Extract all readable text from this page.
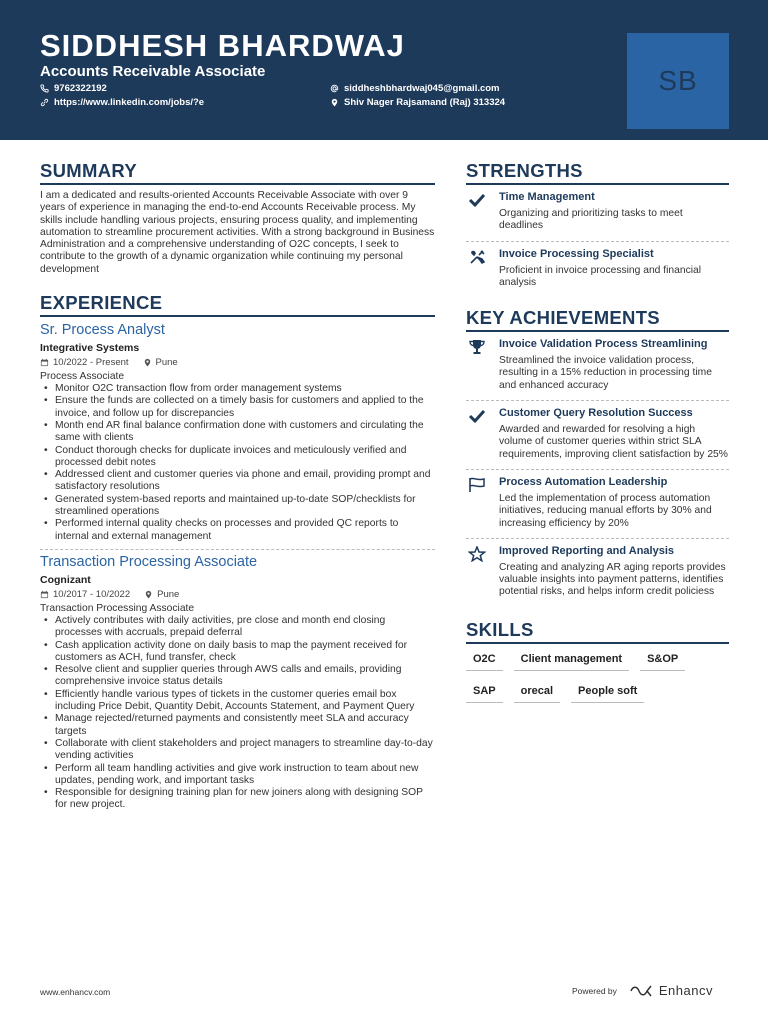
SIDDHESH BHARDWAJ
Accounts Receivable Associate
9762322192
https://www.linkedin.com/jobs/?e
siddheshbhardwaj045@gmail.com
Shiv Nager Rajsamand (Raj) 313324
SB
SUMMARY
I am a dedicated and results-oriented Accounts Receivable Associate with over 9 years of experience in managing the end-to-end Accounts Receivable process. My skills include handling various projects, ensuring process quality, and implementing automation to streamline procurement activities. With a strong background in Business Administration and a comprehensive understanding of O2C concepts, I seek to contribute to the growth of a dynamic organization while continuing my personal development
EXPERIENCE
Sr. Process Analyst
Integrative Systems
10/2022 - Present	Pune
Process Associate
• Monitor O2C transaction flow from order management systems
• Ensure the funds are collected on a timely basis for customers and applied to the invoice, and follow up for discrepancies
• Month end AR final balance confirmation done with customers and circulating the same with clients
• Conduct thorough checks for duplicate invoices and meticulously verified and processed debit notes
• Addressed client and customer queries via phone and email, providing prompt and satisfactory resolutions
• Generated system-based reports and maintained up-to-date SOP/checklists for streamlined operations
• Performed internal quality checks on processes and provided QC reports to internal and external management
Transaction Processing Associate
Cognizant
10/2017 - 10/2022	Pune
Transaction Processing Associate
• Actively contributes with daily activities, pre close and month end closing processes with accruals, prepaid deferral
• Cash application activity done on daily basis to map the payment received for customers as ACH, fund transfer, check
• Resolve client and supplier queries through AWS calls and emails, providing comprehensive invoice status details
• Efficiently handle various types of tickets in the customer queries email box including Price Debit, Quantity Debit, Accounts Statement, and Payment Query
• Manage rejected/returned payments and consistently meet SLA and accuracy targets
• Collaborate with client stakeholders and project managers to streamline day-to-day vending activities
• Perform all team handling activities and give work instruction to team about new updates, pending work, and important tasks
• Responsible for designing training plan for new joiners along with designing SOP for new project.
STRENGTHS
Time Management
Organizing and prioritizing tasks to meet deadlines
Invoice Processing Specialist
Proficient in invoice processing and financial analysis
KEY ACHIEVEMENTS
Invoice Validation Process Streamlining
Streamlined the invoice validation process, resulting in a 15% reduction in processing time and enhanced accuracy
Customer Query Resolution Success
Awarded and rewarded for resolving a high volume of customer queries within strict SLA requirements, improving client satisfaction by 25%
Process Automation Leadership
Led the implementation of process automation initiatives, reducing manual efforts by 30% and increasing efficiency by 20%
Improved Reporting and Analysis
Creating and analyzing AR aging reports provides valuable insights into payment patterns, identifies potential risks, and helps inform credit policiess
SKILLS
O2C	Client management	S&OP
SAP	orecal	People soft
www.enhancv.com	Powered by	Enhancv
